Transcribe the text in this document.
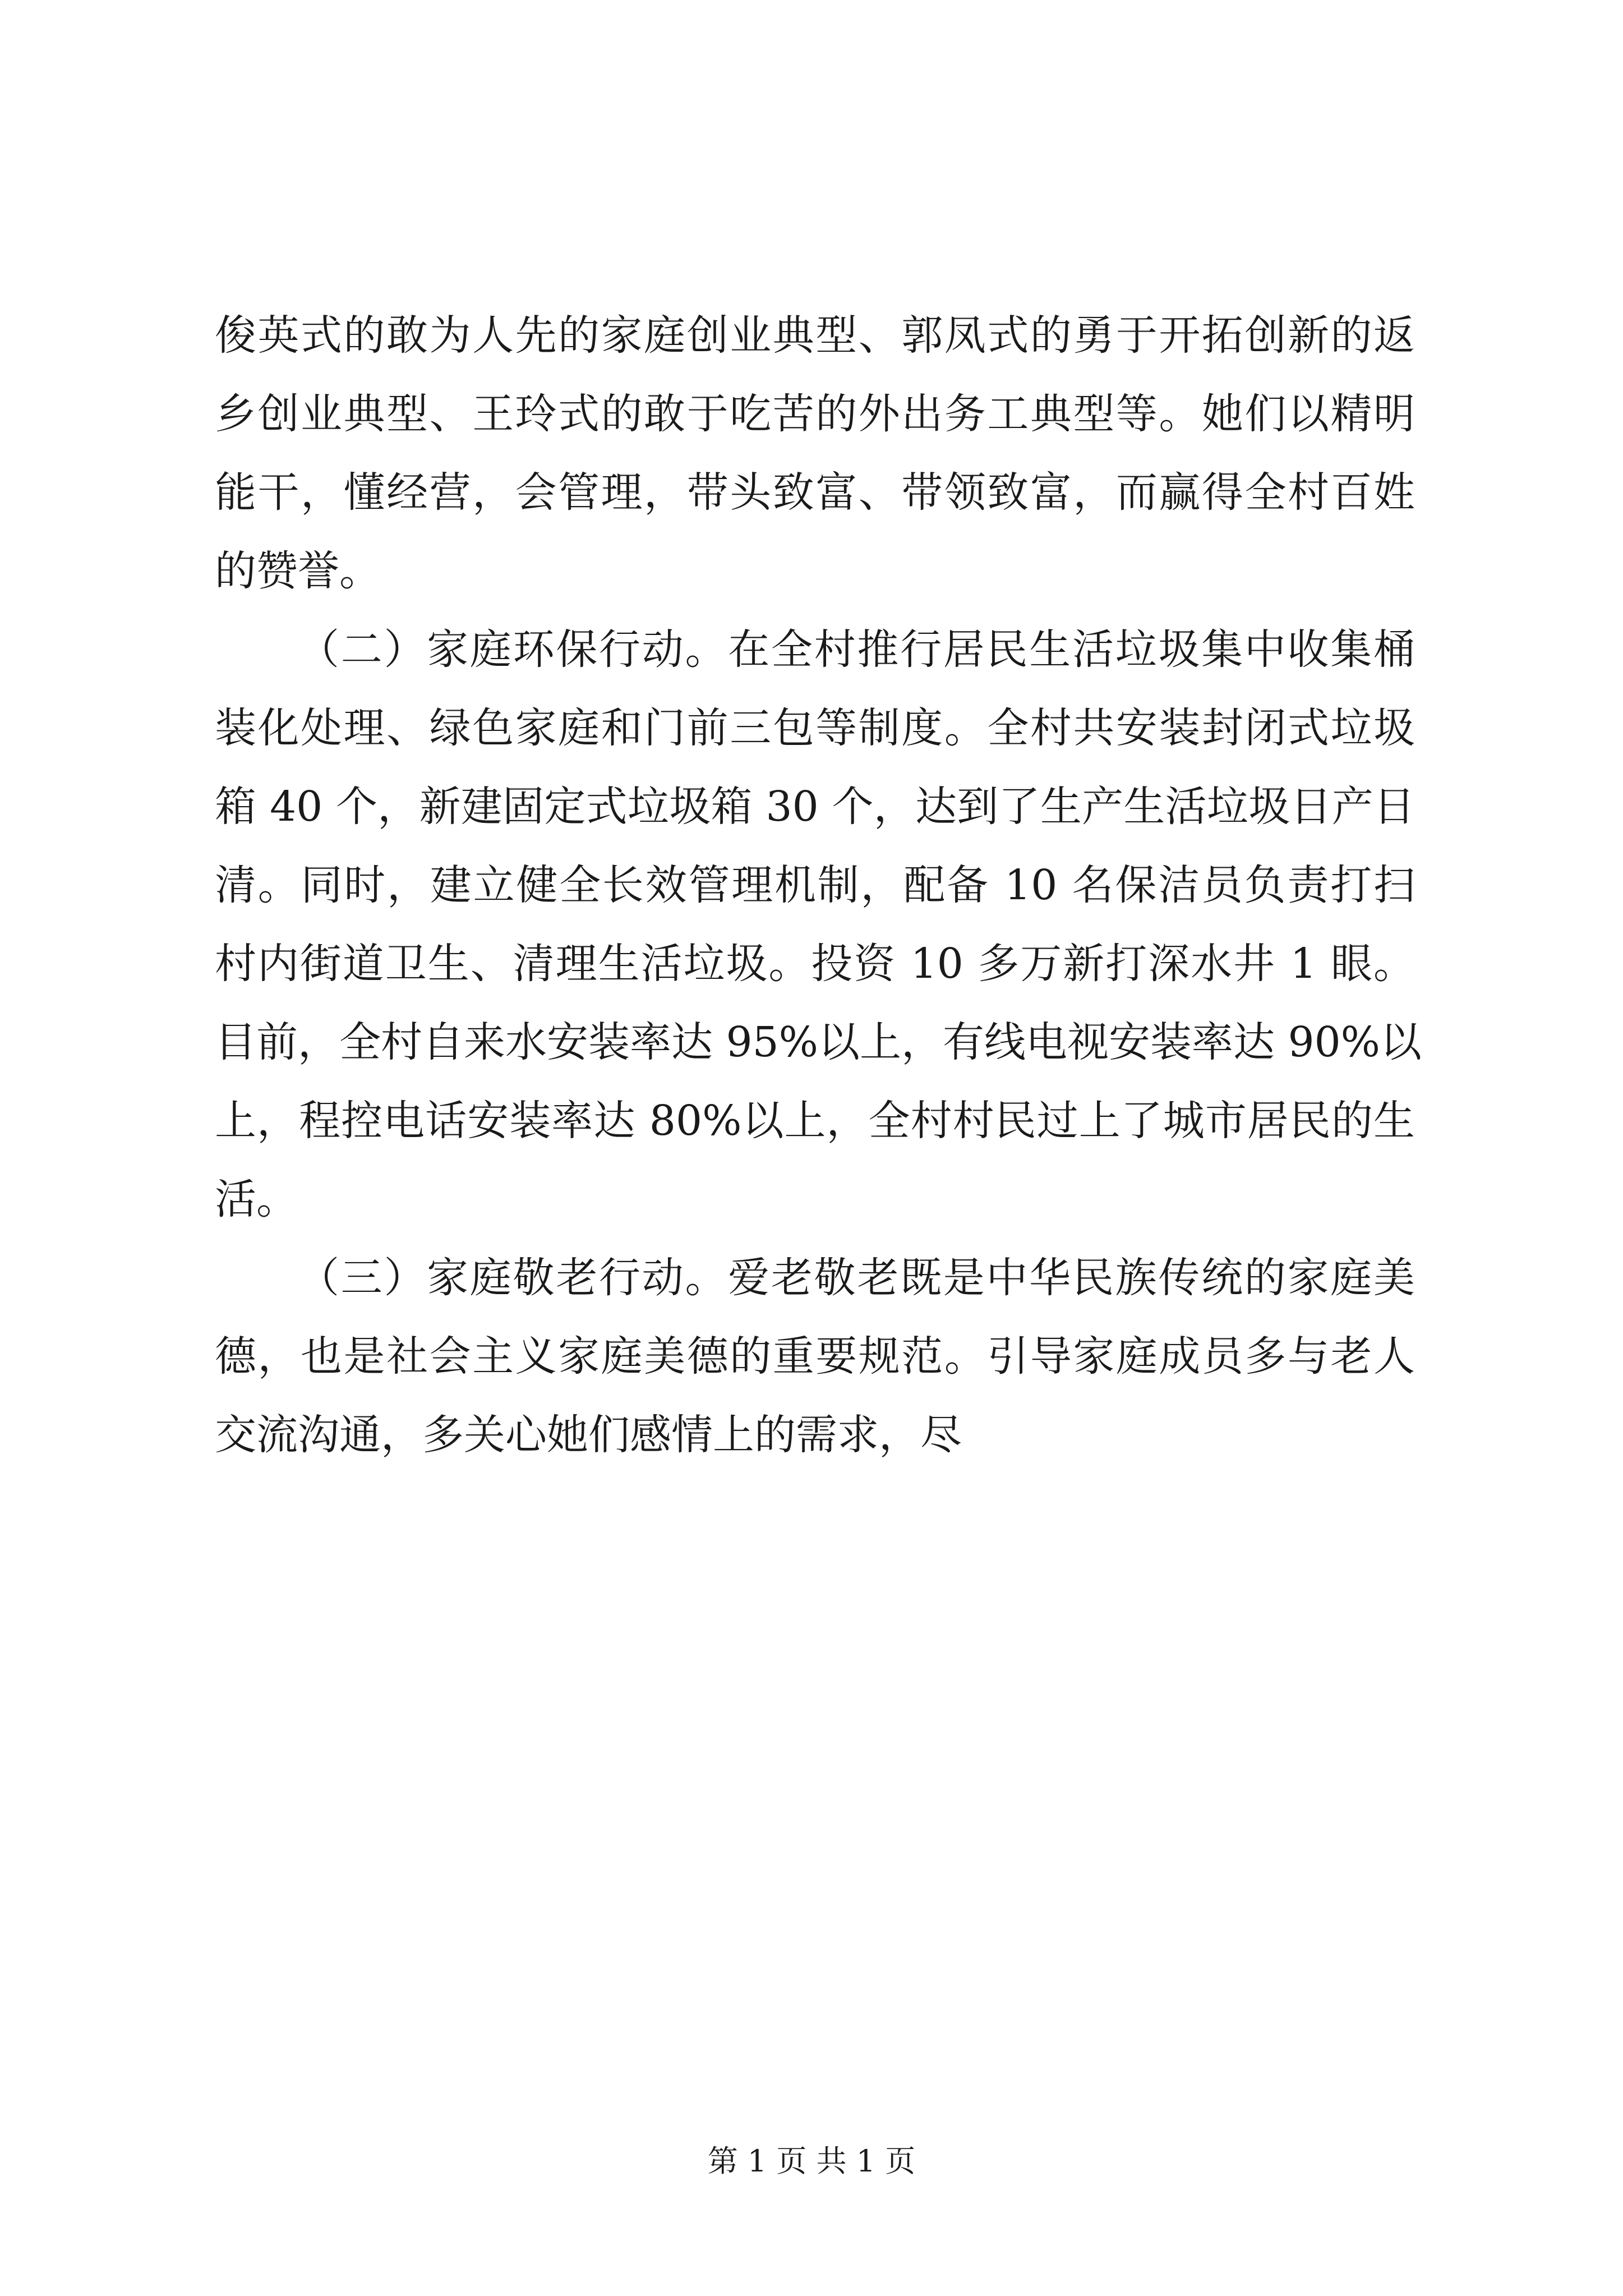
俊英式的敢为人先的家庭创业典型、郭凤式的勇于开拓创新的返
乡创业典型、王玲式的敢于吃苦的外出务工典型等。她们以精明
能干，懂经营，会管理，带头致富、带领致富，而赢得全村百姓
的赞誉。
（二）家庭环保行动。在全村推行居民生活垃圾集中收集桶
装化处理、绿色家庭和门前三包等制度。全村共安装封闭式垃圾
箱 40 个，新建固定式垃圾箱 30 个，达到了生产生活垃圾日产日
清。同时，建立健全长效管理机制，配备 10 名保洁员负责打扫
村内街道卫生、清理生活垃圾。投资 10 多万新打深水井 1 眼。
目前，全村自来水安装率达 95%以上，有线电视安装率达 90%以
上，程控电话安装率达 80%以上，全村村民过上了城市居民的生
活。
（三）家庭敬老行动。爱老敬老既是中华民族传统的家庭美
德，也是社会主义家庭美德的重要规范。引导家庭成员多与老人
交流沟通，多关心她们感情上的需求，尽
第 1 页 共 1 页
